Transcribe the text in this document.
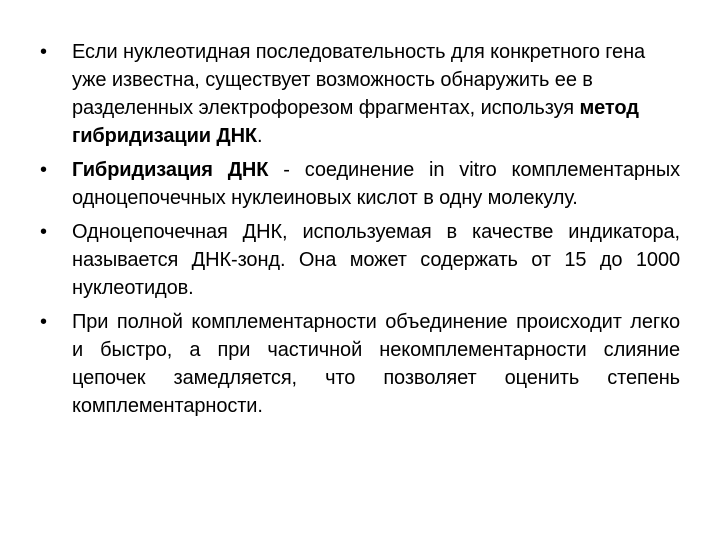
•	Если нуклеотидная последовательность для конкретного гена уже известна, существует возможность обнаружить ее в разделенных электрофорезом фрагментах, используя метод гибридизации ДНК.
•	Гибридизация ДНК - соединение in vitro комплементарных одноцепочечных нуклеиновых кислот в одну молекулу.
•	Одноцепочечная ДНК, используемая в качестве индикатора, называется ДНК-зонд. Она может содержать от 15 до 1000 нуклеотидов.
•	При полной комплементарности объединение происходит легко и быстро, а при частичной некомплементарности слияние цепочек замедляется, что позволяет оценить степень комплементарности.
